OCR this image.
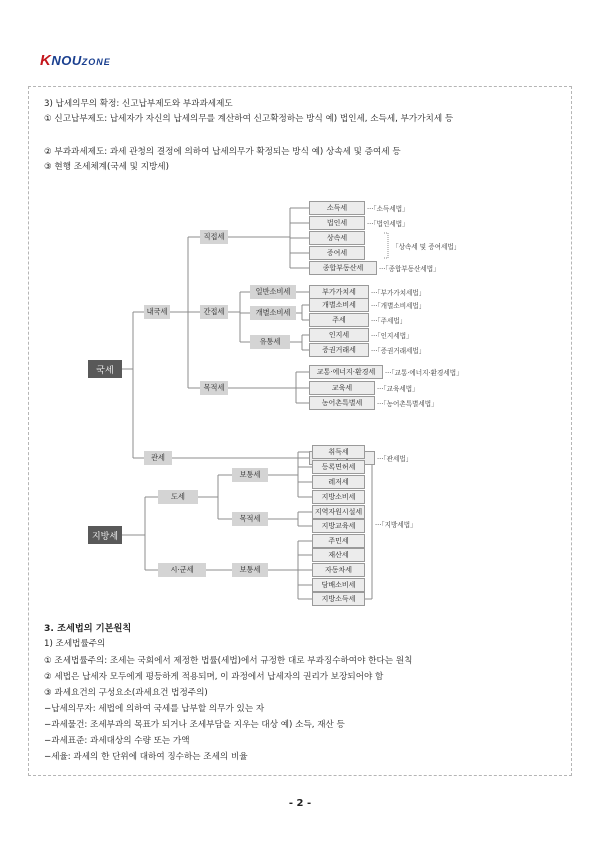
KNOUZONE

3) 납세의무의 확정: 신고납부제도와 부과과세제도
① 신고납부제도: 납세자가 자신의 납세의무를 계산하여 신고확정하는 방식 예) 법인세, 소득세, 부가가치세 등
② 부과과세제도: 과세 관청의 결정에 의하여 납세의무가 확정되는 방식 예) 상속세 및 증여세 등
③ 현행 조세체계(국세 및 지방세)
국세
내국세
관세
직접세
간접세
목적세
일반소비세
개별소비세
유통세
소득세
법인세
상속세
증여세
종합부동산세
부가가치세
개별소비세
주세
인지세
증권거래세
교통·에너지·환경세
교육세
농어촌특별세
···「소득세법」
···「법인세법」
「상속세 및 증여세법」
···「종합부동산세법」
···「부가가치세법」
···「개별소비세법」
···「주세법」
···「인지세법」
···「증권거래세법」
···「교통·에너지·환경세법」
···「교육세법」
···「농어촌특별세법」
···「관세법」
지방세
도세
시·군세
보통세
목적세
보통세
취득세
등록면허세
레저세
지방소비세
지역자원시설세
지방교육세
주민세
재산세
자동차세
담배소비세
지방소득세
···「지방세법」
3. 조세법의 기본원칙
1) 조세법률주의
① 조세법률주의: 조세는 국회에서 제정한 법률(세법)에서 규정한 대로 부과징수하여야 한다는 원칙
② 세법은 납세자 모두에게 평등하게 적용되며, 이 과정에서 납세자의 권리가 보장되어야 함
③ 과세요건의 구성요소(과세요건 법정주의)
−납세의무자: 세법에 의하여 국세를 납부할 의무가 있는 자
−과세물건: 조세부과의 목표가 되거나 조세부담을 지우는 대상 예) 소득, 재산 등
−과세표준: 과세대상의 수량 또는 가액
−세율: 과세의 한 단위에 대하여 징수하는 조세의 비율
- 2 -
